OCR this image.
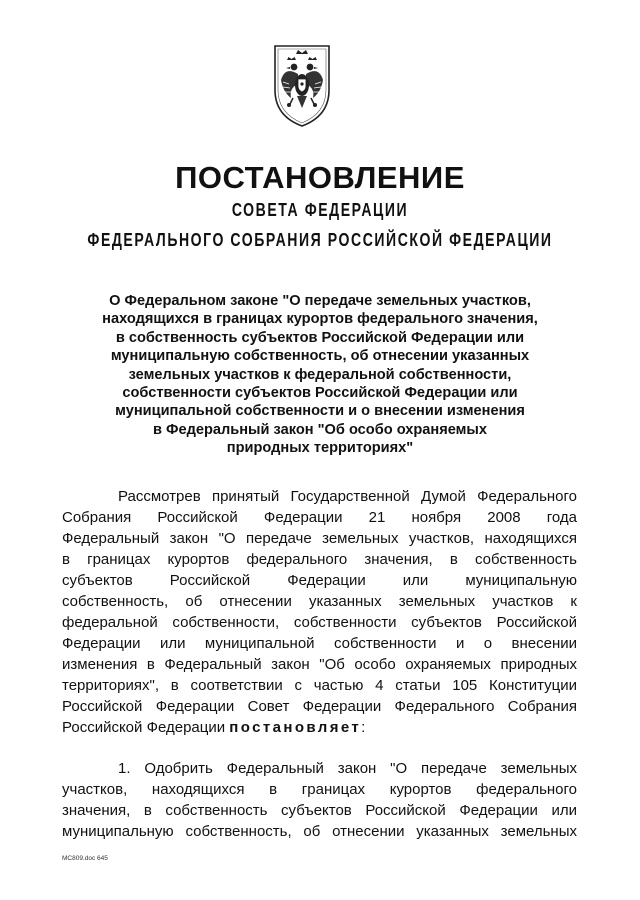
ПОСТАНОВЛЕНИЕ
СОВЕТА ФЕДЕРАЦИИ
ФЕДЕРАЛЬНОГО СОБРАНИЯ РОССИЙСКОЙ ФЕДЕРАЦИИ
О Федеральном законе "О передаче земельных участков,
находящихся в границах курортов федерального значения,
в собственность субъектов Российской Федерации или
муниципальную собственность, об отнесении указанных
земельных участков к федеральной собственности,
собственности субъектов Российской Федерации или
муниципальной собственности и о внесении изменения
в Федеральный закон "Об особо охраняемых
природных территориях"

Рассмотрев принятый Государственной Думой Федерального
Собрания Российской Федерации 21 ноября 2008 года
Федеральный закон "О передаче земельных участков, находящихся
в границах курортов федерального значения, в собственность
субъектов Российской Федерации или муниципальную
собственность, об отнесении указанных земельных участков к
федеральной собственности, собственности субъектов Российской
Федерации или муниципальной собственности и о внесении
изменения в Федеральный закон "Об особо охраняемых природных
территориях", в соответствии с частью 4 статьи 105 Конституции
Российской Федерации Совет Федерации Федерального Собрания
Российской Федерации постановляет:

1. Одобрить Федеральный закон "О передаче земельных
участков, находящихся в границах курортов федерального
значения, в собственность субъектов Российской Федерации или
муниципальную собственность, об отнесении указанных земельных

МС809.doc 645
